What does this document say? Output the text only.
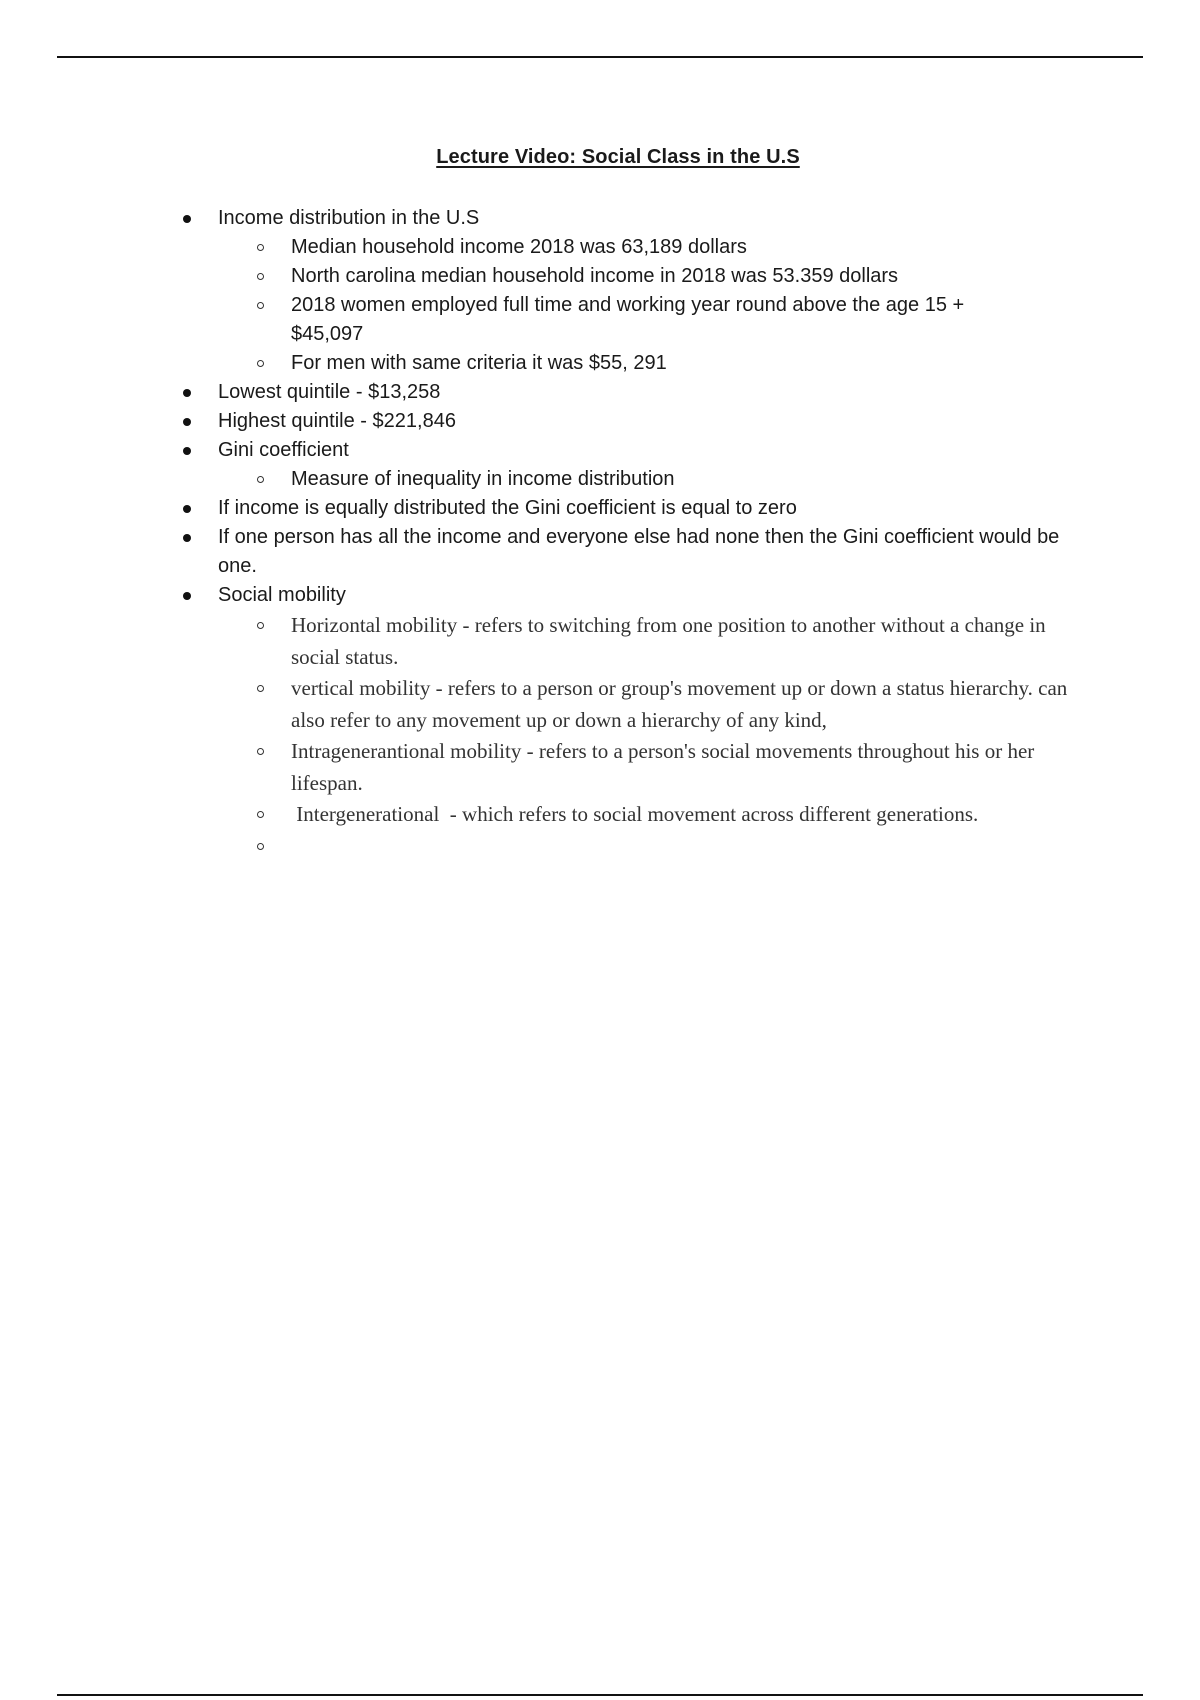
Lecture Video: Social Class in the U.S
Income distribution in the U.S
Median household income 2018 was 63,189 dollars
North carolina median household income in 2018 was 53.359 dollars
2018 women employed full time and working year round above the age 15 + $45,097
For men with same criteria it was $55, 291
Lowest quintile - $13,258
Highest quintile - $221,846
Gini coefficient
Measure of inequality in income distribution
If income is equally distributed the Gini coefficient is equal to zero
If one person has all the income and everyone else had none then the Gini coefficient would be one.
Social mobility
Horizontal mobility - refers to switching from one position to another without a change in social status.
vertical mobility - refers to a person or group's movement up or down a status hierarchy. can also refer to any movement up or down a hierarchy of any kind,
Intragenerantional mobility - refers to a person's social movements throughout his or her lifespan.
Intergenerational  - which refers to social movement across different generations.
